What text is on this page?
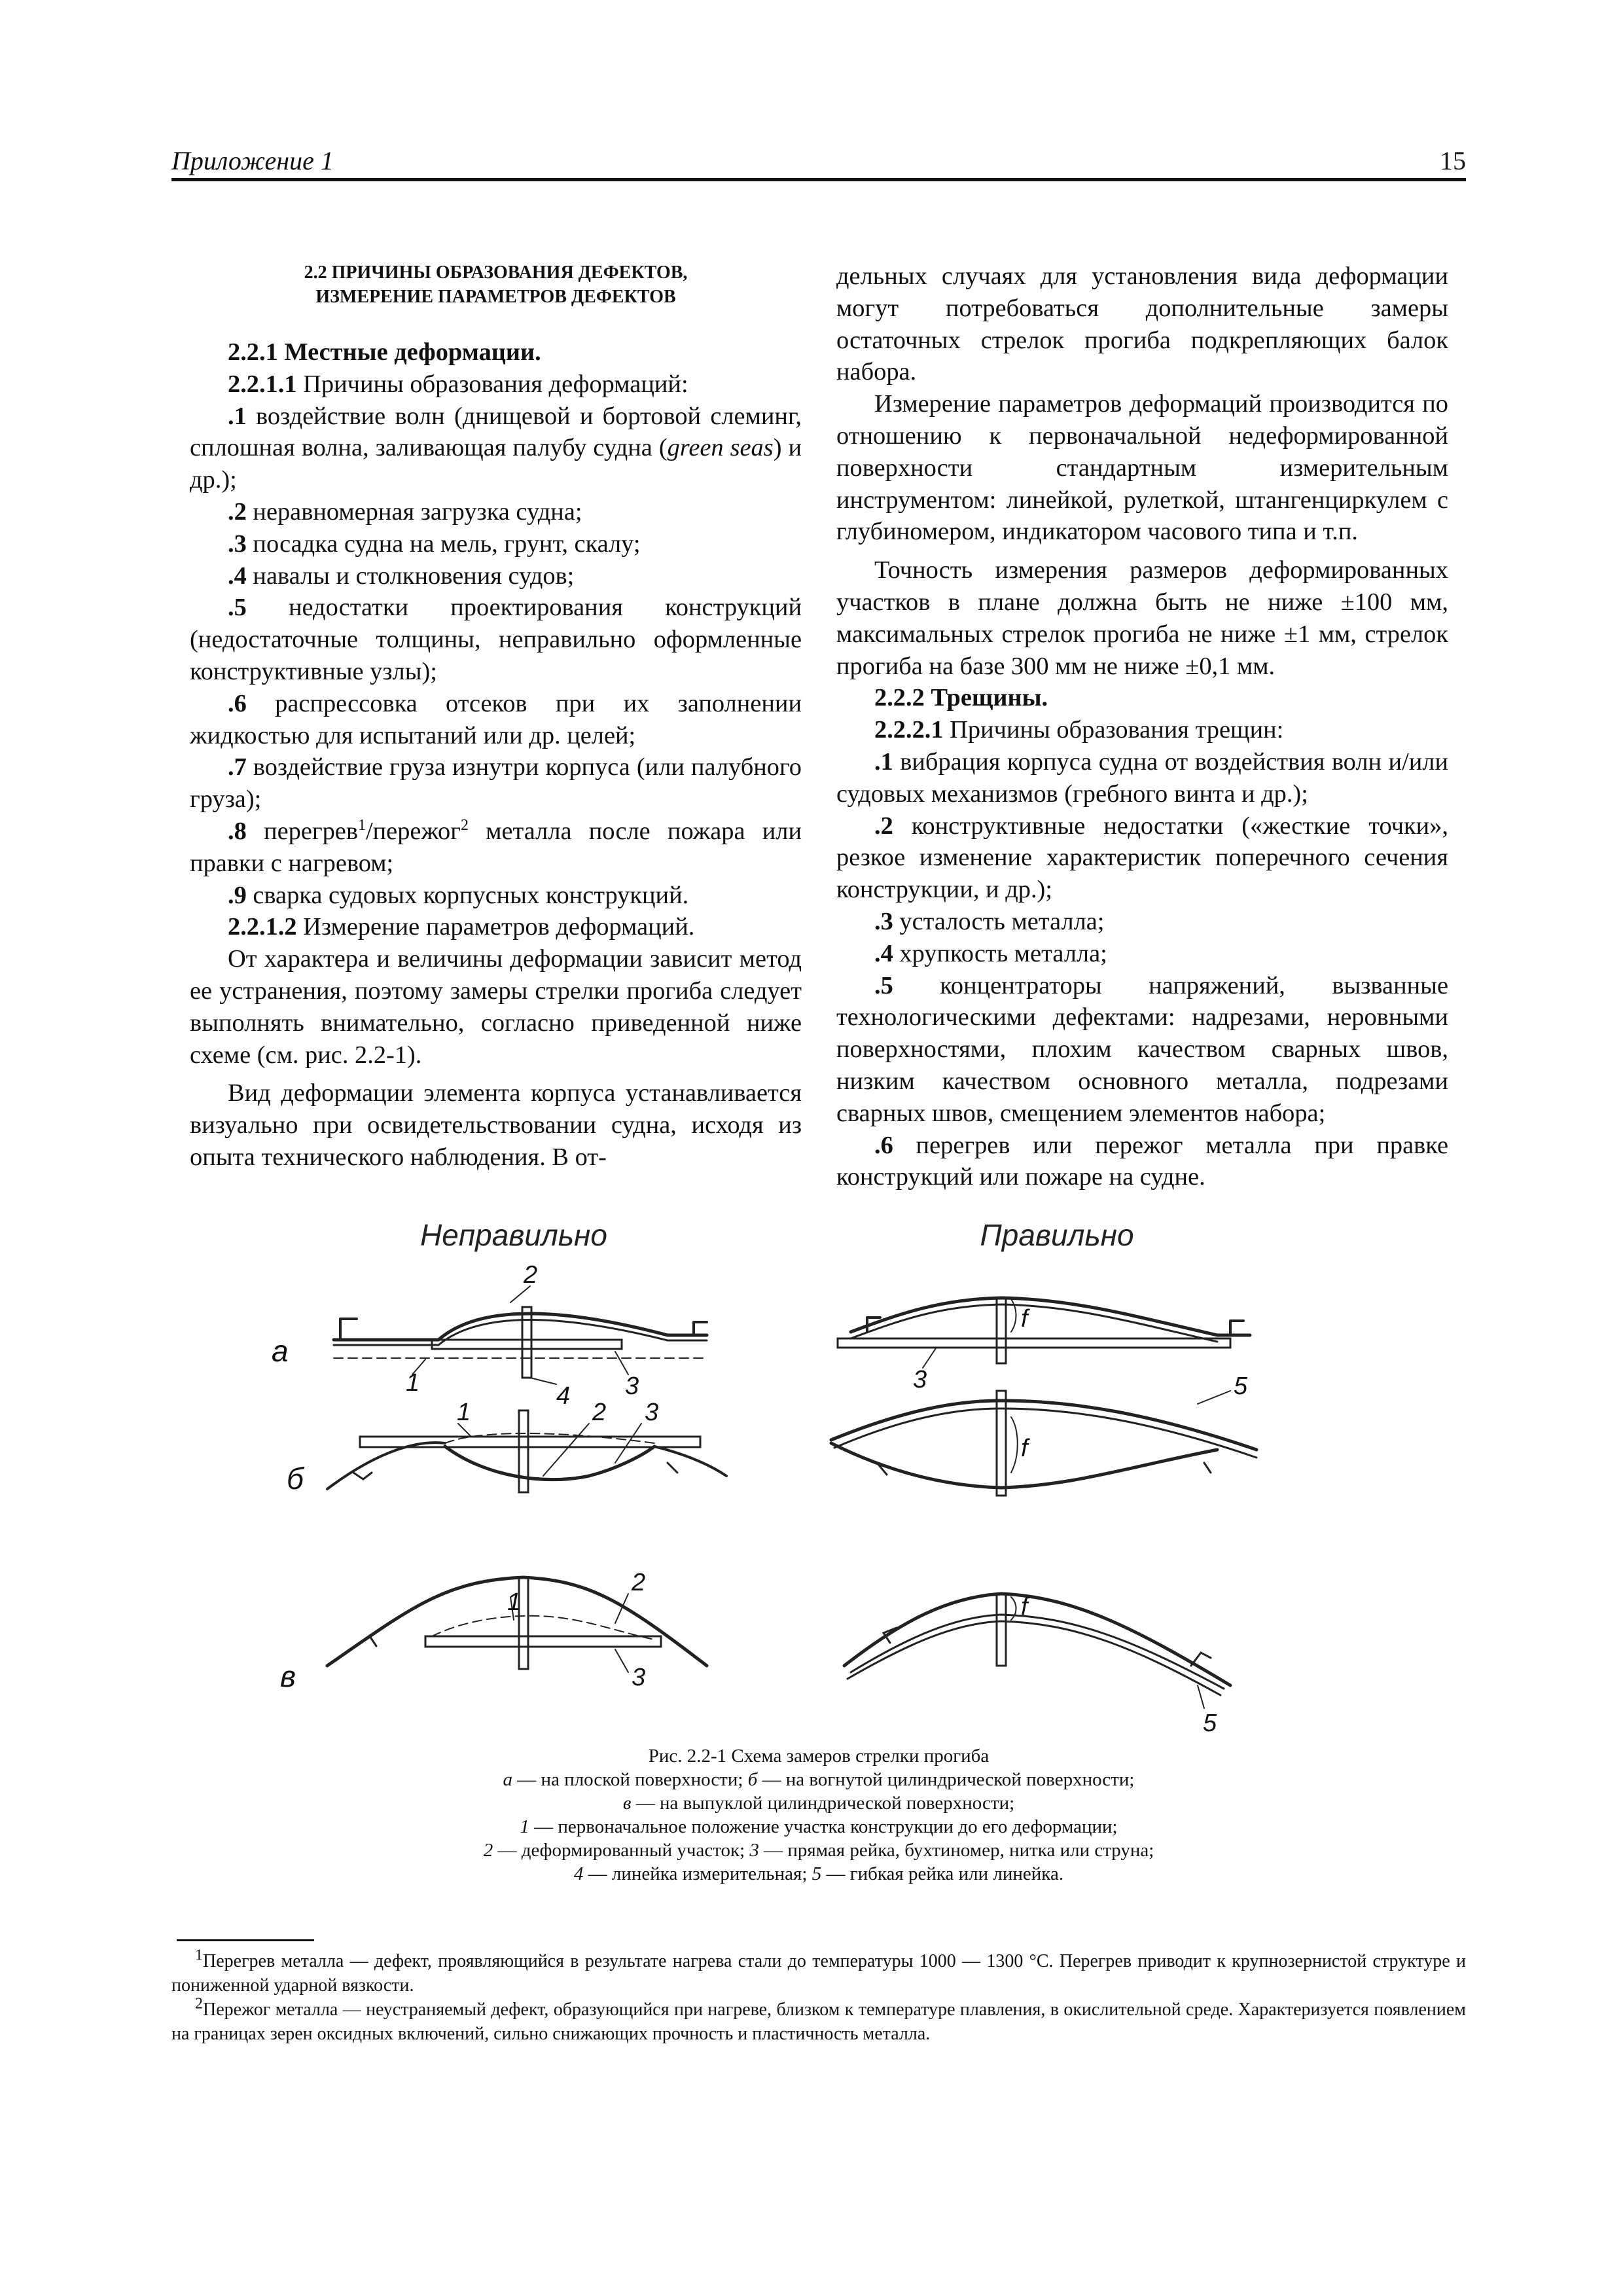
Приложение 1	15

2.2 ПРИЧИНЫ ОБРАЗОВАНИЯ ДЕФЕКТОВ,
ИЗМЕРЕНИЕ ПАРАМЕТРОВ ДЕФЕКТОВ

2.2.1 Местные деформации.

2.2.1.1 Причины образования деформаций:

.1 воздействие волн (днищевой и бортовой слеминг, сплошная волна, заливающая палубу судна (green seas) и др.);

.2 неравномерная загрузка судна;

.3 посадка судна на мель, грунт, скалу;

.4 навалы и столкновения судов;

.5 недостатки проектирования конструкций (недостаточные толщины, неправильно оформленные конструктивные узлы);

.6 распрессовка отсеков при их заполнении жидкостью для испытаний или др. целей;

.7 воздействие груза изнутри корпуса (или палубного груза);

.8 перегрев$^1$/пережог$^2$ металла после пожара или правки с нагревом;

.9 сварка судовых корпусных конструкций.

2.2.1.2 Измерение параметров деформаций.

От характера и величины деформации зависит метод ее устранения, поэтому замеры стрелки прогиба следует выполнять внимательно, согласно приведенной ниже схеме (см. рис. 2.2-1).

Вид деформации элемента корпуса устанавливается визуально при освидетельствовании судна, исходя из опыта технического наблюдения. В от-

дельных случаях для установления вида деформации могут потребоваться дополнительные замеры остаточных стрелок прогиба подкрепляющих балок набора.

Измерение параметров деформаций производится по отношению к первоначальной недеформированной поверхности стандартным измерительным инструментом: линейкой, рулеткой, штангенциркулем с глубиномером, индикатором часового типа и т.п.

Точность измерения размеров деформированных участков в плане должна быть не ниже ±100 мм, максимальных стрелок прогиба не ниже ±1 мм, стрелок прогиба на базе 300 мм не ниже ±0,1 мм.

2.2.2 Трещины.

2.2.2.1 Причины образования трещин:

.1 вибрация корпуса судна от воздействия волн и/или судовых механизмов (гребного винта и др.);

.2 конструктивные недостатки («жесткие точки», резкое изменение характеристик поперечного сечения конструкции, и др.);

.3 усталость металла;

.4 хрупкость металла;

.5 концентраторы напряжений, вызванные технологическими дефектами: надрезами, неровными поверхностями, плохим качеством сварных швов, низким качеством основного металла, подрезами сварных швов, смещением элементов набора;

.6 перегрев или пережог металла при правке конструкций или пожаре на судне.

Неправильно	Правильно
а
б
в
2
1	4 3
1	2 3
1
2
3
f
3
f
5
f
5
Рис. 2.2-1 Схема замеров стрелки прогиба
а — на плоской поверхности; б — на вогнутой цилиндрической поверхности;
в — на выпуклой цилиндрической поверхности;
1 — первоначальное положение участка конструкции до его деформации;
2 — деформированный участок; 3 — прямая рейка, бухтиномер, нитка или струна;
4 — линейка измерительная; 5 — гибкая рейка или линейка.

$^1$Перегрев металла — дефект, проявляющийся в результате нагрева стали до температуры 1000 — 1300 °С. Перегрев приводит к крупнозернистой структуре и пониженной ударной вязкости.

$^2$Пережог металла — неустраняемый дефект, образующийся при нагреве, близком к температуре плавления, в окислительной среде. Характеризуется появлением на границах зерен оксидных включений, сильно снижающих прочность и пластичность металла.
